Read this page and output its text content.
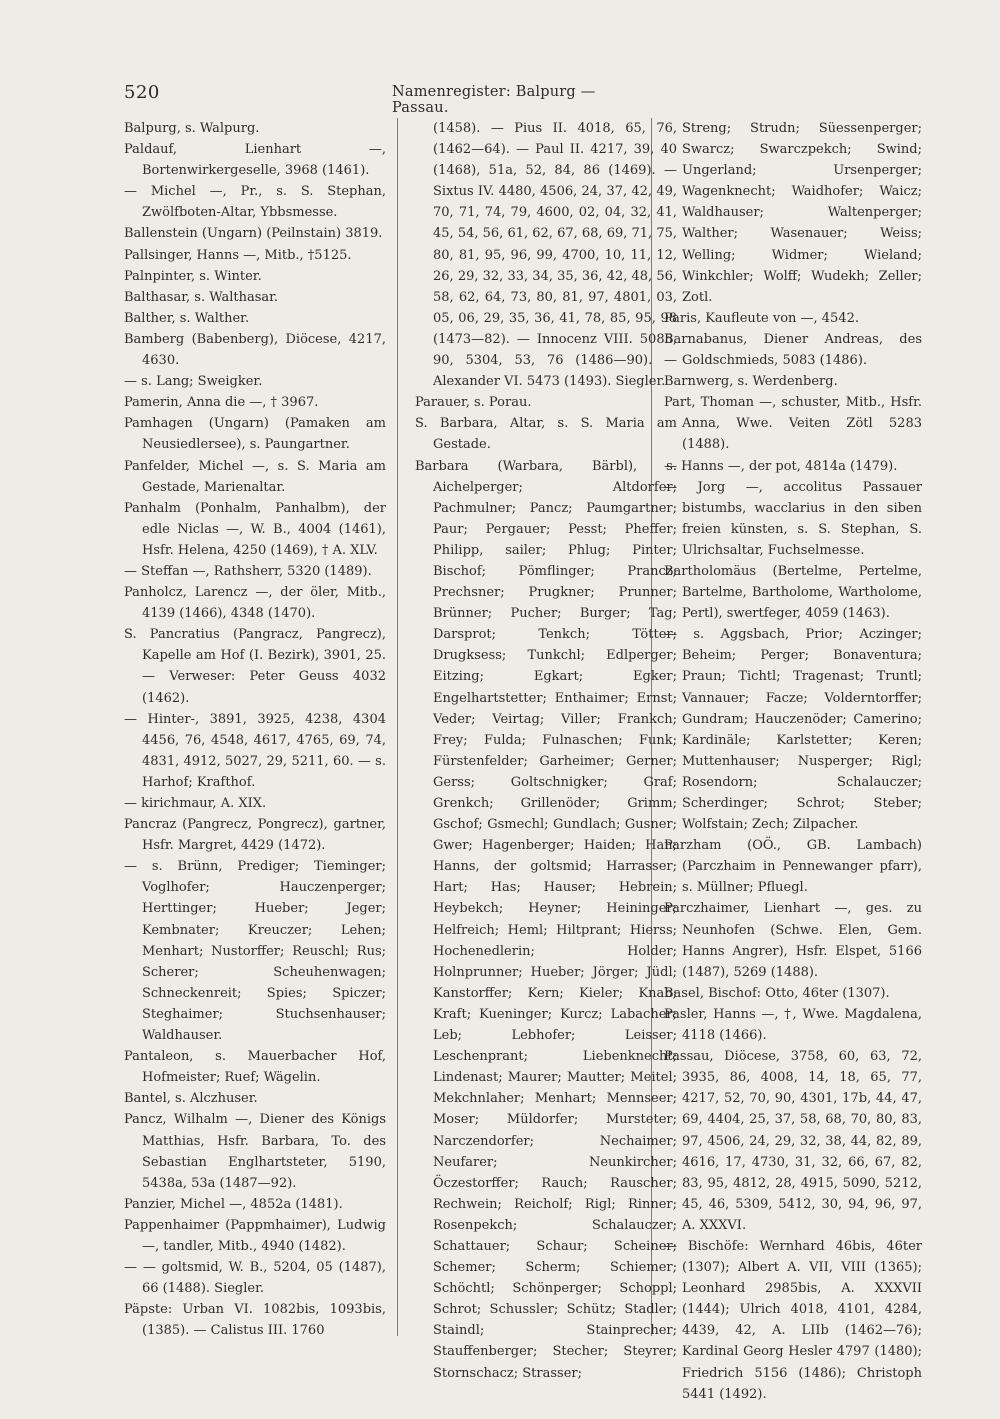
520	Namenregister: Balpurg — Passau.

Balpurg, s. Walpurg.

Paldauf, Lienhart —, Bortenwirkergeselle, 3968 (1461).

— Michel —, Pr., s. S. Stephan, Zwölfboten-Altar, Ybbsmesse.

Ballenstein (Ungarn) (Peilnstain) 3819.

Pallsinger, Hanns —, Mitb., †5125.

Palnpinter, s. Winter.

Balthasar, s. Walthasar.

Balther, s. Walther.

Bamberg (Babenberg), Diöcese, 4217, 4630.

— s. Lang; Sweigker.

Pamerin, Anna die —, † 3967.

Pamhagen (Ungarn) (Pamaken am Neusiedlersee), s. Paungartner.

Panfelder, Michel —, s. S. Maria am Gestade, Marienaltar.

Panhalm (Ponhalm, Panhalbm), der edle Niclas —, W. B., 4004 (1461), Hsfr. Helena, 4250 (1469), † A. XLV.

— Steffan —, Rathsherr, 5320 (1489).

Panholcz, Larencz —, der öler, Mitb., 4139 (1466), 4348 (1470).

S. Pancratius (Pangracz, Pangrecz), Kapelle am Hof (I. Bezirk), 3901, 25. — Verweser: Peter Geuss 4032 (1462).

— Hinter-, 3891, 3925, 4238, 4304 4456, 76, 4548, 4617, 4765, 69, 74, 4831, 4912, 5027, 29, 5211, 60. — s. Harhof; Krafthof.

— kirichmaur, A. XIX.

Pancraz (Pangrecz, Pongrecz), gartner, Hsfr. Margret, 4429 (1472).

— s. Brünn, Prediger; Tieminger; Voglhofer; Hauczenperger; Herttinger; Hueber; Jeger; Kembnater; Kreuczer; Lehen; Menhart; Nustorffer; Reuschl; Rus; Scherer; Scheuhenwagen; Schneckenreit; Spies; Spiczer; Steghaimer; Stuchsenhauser; Waldhauser.

Pantaleon, s. Mauerbacher Hof, Hofmeister; Ruef; Wägelin.

Bantel, s. Alczhuser.

Pancz, Wilhalm —, Diener des Königs Matthias, Hsfr. Barbara, To. des Sebastian Englhartsteter, 5190, 5438a, 53a (1487—92).

Panzier, Michel —, 4852a (1481).

Pappenhaimer (Pappmhaimer), Ludwig —, tandler, Mitb., 4940 (1482).

— — goltsmid, W. B., 5204, 05 (1487), 66 (1488). Siegler.

Päpste: Urban VI. 1082bis, 1093bis, (1385). — Calistus III. 1760

(1458). — Pius II. 4018, 65, 76, (1462—64). — Paul II. 4217, 39, 40 (1468), 51a, 52, 84, 86 (1469). — Sixtus IV. 4480, 4506, 24, 37, 42, 49, 70, 71, 74, 79, 4600, 02, 04, 32, 41, 45, 54, 56, 61, 62, 67, 68, 69, 71, 75, 80, 81, 95, 96, 99, 4700, 10, 11, 12, 26, 29, 32, 33, 34, 35, 36, 42, 48, 56, 58, 62, 64, 73, 80, 81, 97, 4801, 03, 05, 06, 29, 35, 36, 41, 78, 85, 95, 98 (1473—82). — Innocenz VIII. 5085, 90, 5304, 53, 76 (1486—90). — Alexander VI. 5473 (1493). Siegler.

Parauer, s. Porau.

S. Barbara, Altar, s. S. Maria am Gestade.

Barbara (Warbara, Bärbl), s. Aichelperger; Altdorfer; Pachmulner; Pancz; Paumgartner; Paur; Pergauer; Pesst; Pheffer; Philipp, sailer; Phlug; Pinter; Bischof; Pömflinger; Prancz; Prechsner; Prugkner; Prunner; Brünner; Pucher; Burger; Tag; Darsprot; Tenkch; Tötter; Drugksess; Tunkchl; Edlperger; Eitzing; Egkart; Egker; Engelhartstetter; Enthaimer; Ernst; Veder; Veirtag; Viller; Frankch; Frey; Fulda; Fulnaschen; Funk; Fürstenfelder; Garheimer; Gerner; Gerss; Goltschnigker; Graf; Grenkch; Grillenöder; Grimm; Gschof; Gsmechl; Gundlach; Gusner; Gwer; Hagenberger; Haiden; Han; Hanns, der goltsmid; Harrasser; Hart; Has; Hauser; Hebrein; Heybekch; Heyner; Heininger; Helfreich; Heml; Hiltprant; Hierss; Hochenedlerin; Holder; Holnprunner; Hueber; Jörger; Jüdl; Kanstorffer; Kern; Kieler; Knab; Kraft; Kueninger; Kurcz; Labacher; Leb; Lebhofer; Leisser; Leschenprant; Liebenknecht; Lindenast; Maurer; Mautter; Meitel; Mekchnlaher; Menhart; Mennseer; Moser; Müldorfer; Mursteter; Narczendorfer; Nechaimer; Neufarer; Neunkircher; Öczestorffer; Rauch; Rauscher; Rechwein; Reicholf; Rigl; Rinner; Rosenpekch; Schalauczer; Schattauer; Schaur; Scheiner; Schemer; Scherm; Schiemer; Schöchtl; Schönperger; Schoppl; Schrot; Schussler; Schütz; Stadler; Staindl; Stainprecher; Stauffenberger; Stecher; Steyrer; Stornschacz; Strasser;

Streng; Strudn; Süessenperger; Swarcz; Swarczpekch; Swind; Ungerland; Ursenperger; Wagenknecht; Waidhofer; Waicz; Waldhauser; Waltenperger; Walther; Wasenauer; Weiss; Welling; Widmer; Wieland; Winkchler; Wolff; Wudekh; Zeller; Zotl.

Paris, Kaufleute von —, 4542.

Barnabanus, Diener Andreas, des Goldschmieds, 5083 (1486).

Barnwerg, s. Werdenberg.

Part, Thoman —, schuster, Mitb., Hsfr. Anna, Wwe. Veiten Zötl 5283 (1488).

— Hanns —, der pot, 4814a (1479).

— Jorg —, accolitus Passauer bistumbs, wacclarius in den siben freien künsten, s. S. Stephan, S. Ulrichsaltar, Fuchselmesse.

Bartholomäus (Bertelme, Pertelme, Bartelme, Bartholome, Wartholome, Pertl), swertfeger, 4059 (1463).

— s. Aggsbach, Prior; Aczinger; Beheim; Perger; Bonaventura; Praun; Tichtl; Tragenast; Truntl; Vannauer; Facze; Volderntorffer; Gundram; Hauczenöder; Camerino; Kardinäle; Karlstetter; Keren; Muttenhauser; Nusperger; Rigl; Rosendorn; Schalauczer; Scherdinger; Schrot; Steber; Wolfstain; Zech; Zilpacher.

Parzham (OÖ., GB. Lambach) (Parczhaim in Pennewanger pfarr), s. Müllner; Pfluegl.

Parczhaimer, Lienhart —, ges. zu Neunhofen (Schwe. Elen, Gem. Hanns Angrer), Hsfr. Elspet, 5166 (1487), 5269 (1488).

Basel, Bischof: Otto, 46ter (1307).

Pasler, Hanns —, †, Wwe. Magdalena, 4118 (1466).

Passau, Diöcese, 3758, 60, 63, 72, 3935, 86, 4008, 14, 18, 65, 77, 4217, 52, 70, 90, 4301, 17b, 44, 47, 69, 4404, 25, 37, 58, 68, 70, 80, 83, 97, 4506, 24, 29, 32, 38, 44, 82, 89, 4616, 17, 4730, 31, 32, 66, 67, 82, 83, 95, 4812, 28, 4915, 5090, 5212, 45, 46, 5309, 5412, 30, 94, 96, 97, A. XXXVI.

— Bischöfe: Wernhard 46bis, 46ter (1307); Albert A. VII, VIII (1365); Leonhard 2985bis, A. XXXVII (1444); Ulrich 4018, 4101, 4284, 4439, 42, A. LIIb (1462—76); Kardinal Georg Hesler 4797 (1480); Friedrich 5156 (1486); Christoph 5441 (1492).
